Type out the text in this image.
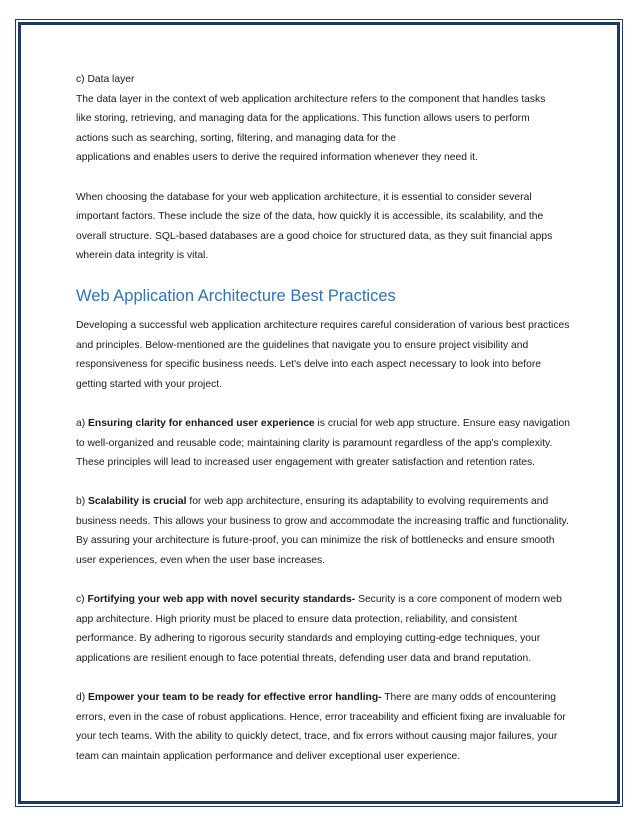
c) Data layer

The data layer in the context of web application architecture refers to the component that handles tasks

like storing, retrieving, and managing data for the applications. This function allows users to perform

actions such as searching, sorting, filtering, and managing data for the

applications and enables users to derive the required information whenever they need it.

When choosing the database for your web application architecture, it is essential to consider several important factors. These include the size of the data, how quickly it is accessible, its scalability, and the overall structure. SQL-based databases are a good choice for structured data, as they suit financial apps wherein data integrity is vital.

Web Application Architecture Best Practices

Developing a successful web application architecture requires careful consideration of various best practices and principles. Below-mentioned are the guidelines that navigate you to ensure project visibility and responsiveness for specific business needs. Let's delve into each aspect necessary to look into before getting started with your project.

a) Ensuring clarity for enhanced user experience is crucial for web app structure. Ensure easy navigation to well-organized and reusable code; maintaining clarity is paramount regardless of the app's complexity. These principles will lead to increased user engagement with greater satisfaction and retention rates.

b) Scalability is crucial for web app architecture, ensuring its adaptability to evolving requirements and business needs. This allows your business to grow and accommodate the increasing traffic and functionality. By assuring your architecture is future-proof, you can minimize the risk of bottlenecks and ensure smooth user experiences, even when the user base increases.

c) Fortifying your web app with novel security standards- Security is a core component of modern web app architecture. High priority must be placed to ensure data protection, reliability, and consistent performance. By adhering to rigorous security standards and employing cutting-edge techniques, your applications are resilient enough to face potential threats, defending user data and brand reputation.

d) Empower your team to be ready for effective error handling- There are many odds of encountering errors, even in the case of robust applications. Hence, error traceability and efficient fixing are invaluable for your tech teams. With the ability to quickly detect, trace, and fix errors without causing major failures, your team can maintain application performance and deliver exceptional user experience.
